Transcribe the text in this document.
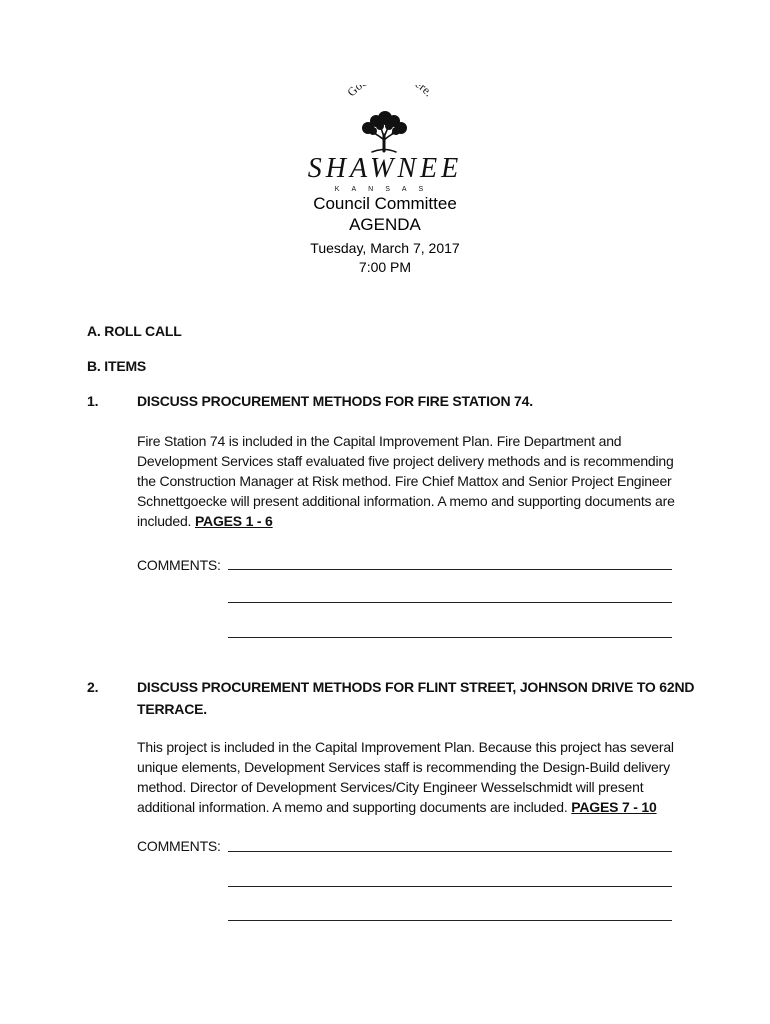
Go re.
SHAWNEE
KANSAS
Council Committee
AGENDA
Tuesday, March 7, 2017
7:00 PM
A. ROLL CALL
B. ITEMS
1.	DISCUSS PROCUREMENT METHODS FOR FIRE STATION 74.
Fire Station 74 is included in the Capital Improvement Plan. Fire Department and Development Services staff evaluated five project delivery methods and is recommending the Construction Manager at Risk method. Fire Chief Mattox and Senior Project Engineer Schnettgoecke will present additional information. A memo and supporting documents are included. PAGES 1 - 6
COMMENTS:
2.	DISCUSS PROCUREMENT METHODS FOR FLINT STREET, JOHNSON DRIVE TO 62ND TERRACE.
This project is included in the Capital Improvement Plan. Because this project has several unique elements, Development Services staff is recommending the Design-Build delivery method. Director of Development Services/City Engineer Wesselschmidt will present additional information. A memo and supporting documents are included. PAGES 7 - 10
COMMENTS:
